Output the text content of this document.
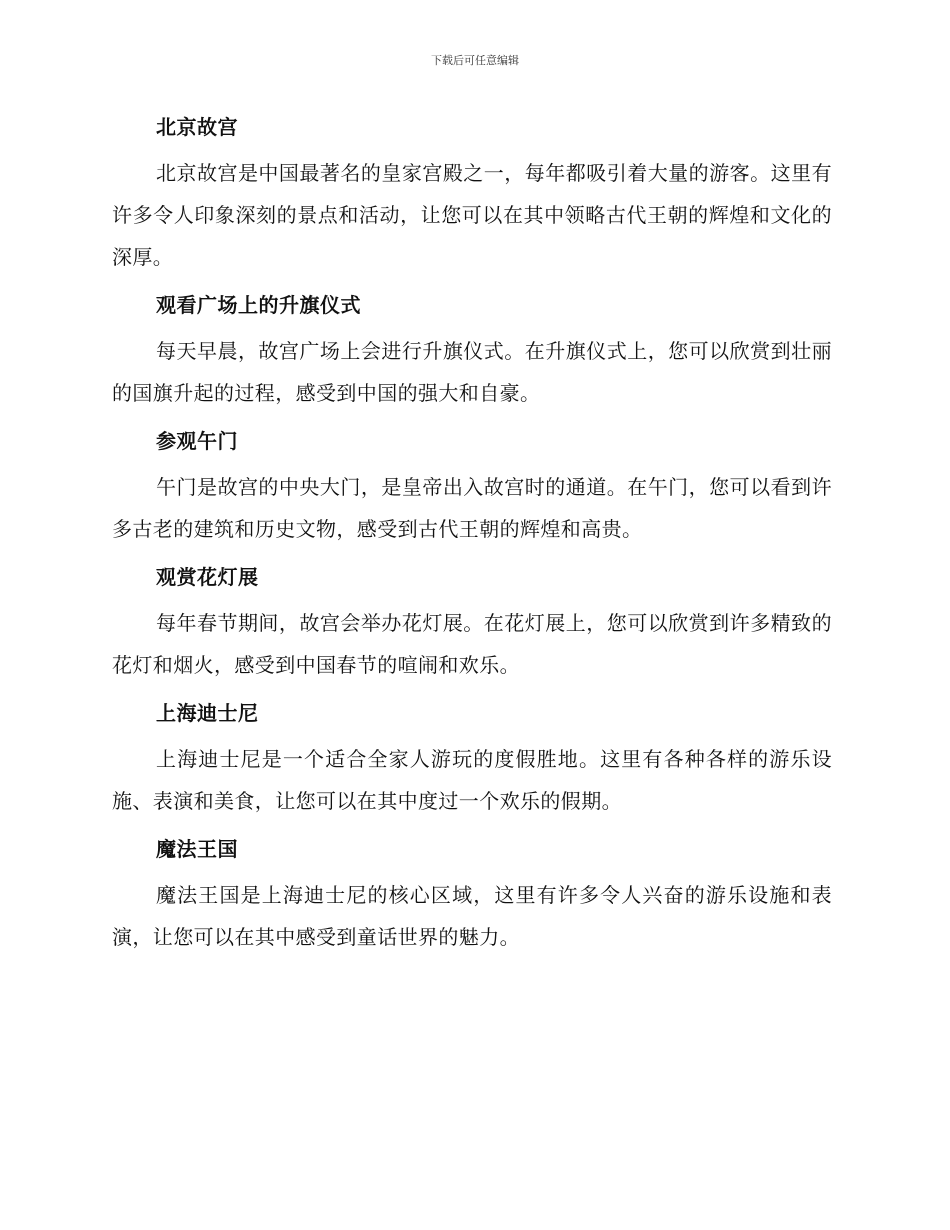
下载后可任意编辑
北京故宫

北京故宫是中国最著名的皇家宫殿之一，每年都吸引着大量的游客。这里有许多令人印象深刻的景点和活动，让您可以在其中领略古代王朝的辉煌和文化的深厚。

观看广场上的升旗仪式

每天早晨，故宫广场上会进行升旗仪式。在升旗仪式上，您可以欣赏到壮丽的国旗升起的过程，感受到中国的强大和自豪。

参观午门

午门是故宫的中央大门，是皇帝出入故宫时的通道。在午门，您可以看到许多古老的建筑和历史文物，感受到古代王朝的辉煌和高贵。

观赏花灯展

每年春节期间，故宫会举办花灯展。在花灯展上，您可以欣赏到许多精致的花灯和烟火，感受到中国春节的喧闹和欢乐。

上海迪士尼

上海迪士尼是一个适合全家人游玩的度假胜地。这里有各种各样的游乐设施、表演和美食，让您可以在其中度过一个欢乐的假期。

魔法王国

魔法王国是上海迪士尼的核心区域，这里有许多令人兴奋的游乐设施和表演，让您可以在其中感受到童话世界的魅力。
